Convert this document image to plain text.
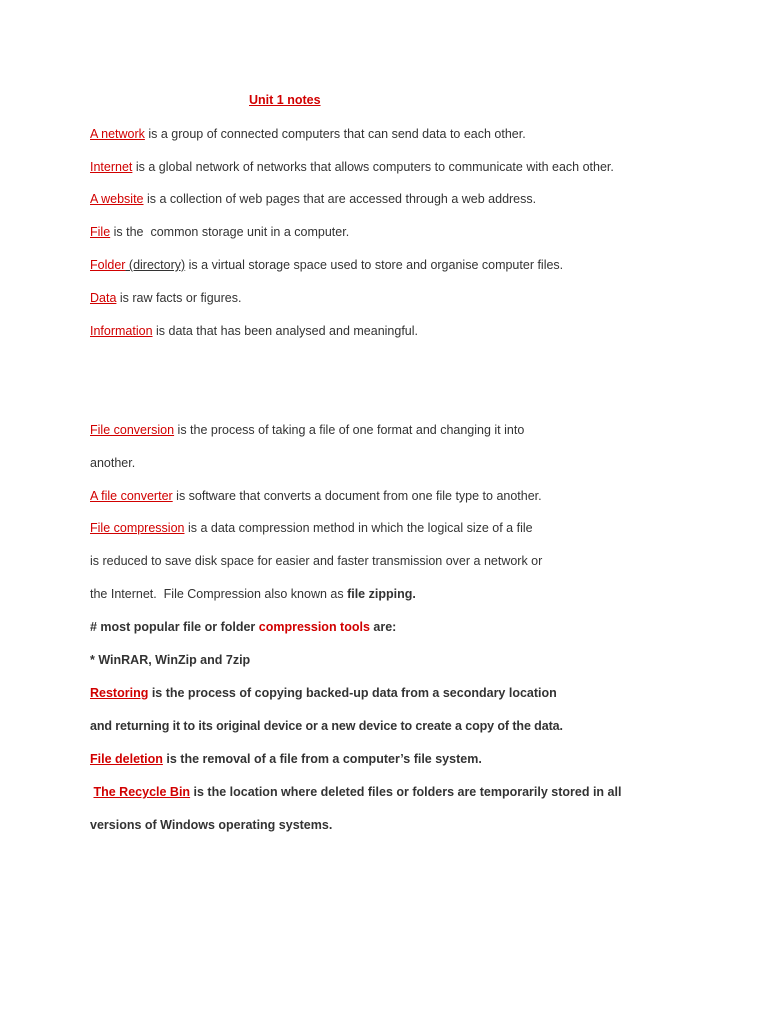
Unit 1 notes
A network is a group of connected computers that can send data to each other.
Internet is a global network of networks that allows computers to communicate with each other.
A website is a collection of web pages that are accessed through a web address.
File is the  common storage unit in a computer.
Folder (directory) is a virtual storage space used to store and organise computer files.
Data is raw facts or figures.
Information is data that has been analysed and meaningful.
File conversion is the process of taking a file of one format and changing it into
another.
A file converter is software that converts a document from one file type to another.
File compression is a data compression method in which the logical size of a file
is reduced to save disk space for easier and faster transmission over a network or
the Internet.  File Compression also known as file zipping.
# most popular file or folder compression tools are:
* WinRAR, WinZip and 7zip
Restoring is the process of copying backed-up data from a secondary location
and returning it to its original device or a new device to create a copy of the data.
File deletion is the removal of a file from a computer’s file system.
The Recycle Bin is the location where deleted files or folders are temporarily stored in all
versions of Windows operating systems.
